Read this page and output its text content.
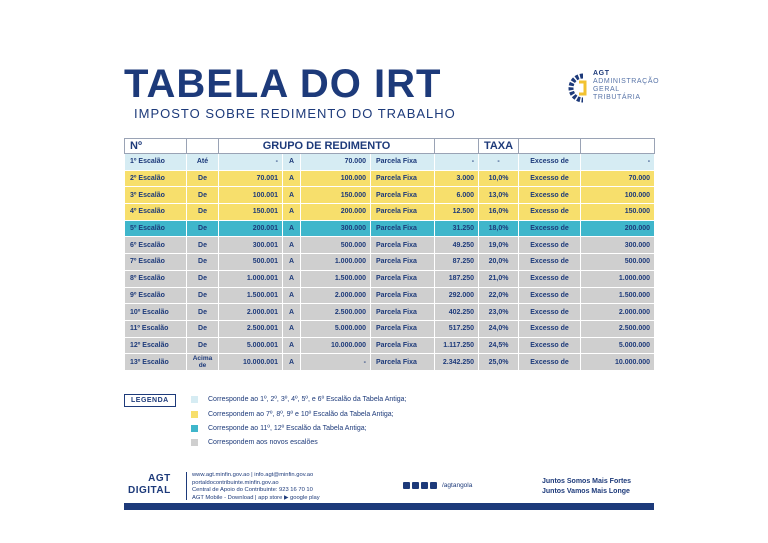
TABELA DO IRT
IMPOSTO SOBRE REDIMENTO DO TRABALHO
AGT
ADMINISTRAÇÃO
GERAL
TRIBUTÁRIA
Nº		GRUPO DE REDIMENTO					TAXA		
1º Escalão	Até	-	A	70.000	Parcela Fixa	-	-	Excesso de	-
2º Escalão	De	70.001	A	100.000	Parcela Fixa	3.000	10,0%	Excesso de	70.000
3º Escalão	De	100.001	A	150.000	Parcela Fixa	6.000	13,0%	Excesso de	100.000
4º Escalão	De	150.001	A	200.000	Parcela Fixa	12.500	16,0%	Excesso de	150.000
5º Escalão	De	200.001	A	300.000	Parcela Fixa	31.250	18,0%	Excesso de	200.000
6º Escalão	De	300.001	A	500.000	Parcela Fixa	49.250	19,0%	Excesso de	300.000
7º Escalão	De	500.001	A	1.000.000	Parcela Fixa	87.250	20,0%	Excesso de	500.000
8º Escalão	De	1.000.001	A	1.500.000	Parcela Fixa	187.250	21,0%	Excesso de	1.000.000
9º Escalão	De	1.500.001	A	2.000.000	Parcela Fixa	292.000	22,0%	Excesso de	1.500.000
10º Escalão	De	2.000.001	A	2.500.000	Parcela Fixa	402.250	23,0%	Excesso de	2.000.000
11º Escalão	De	2.500.001	A	5.000.000	Parcela Fixa	517.250	24,0%	Excesso de	2.500.000
12º Escalão	De	5.000.001	A	10.000.000	Parcela Fixa	1.117.250	24,5%	Excesso de	5.000.000
13º Escalão	Acima de	10.000.001	A	-	Parcela Fixa	2.342.250	25,0%	Excesso de	10.000.000
LEGENDA	Corresponde ao 1º, 2º, 3º, 4º, 5º, e 6º Escalão da Tabela Antiga;
Correspondem ao 7º, 8º, 9º e 10º Escalão da Tabela Antiga;
Corresponde ao 11º, 12º Escalão da Tabela Antiga;
Correspondem aos novos escalões
AGT
DIGITAL
www.agt.minfin.gov.ao | info.agt@minfin.gov.ao
portaldocontribuinte.minfin.gov.ao
Central de Apoio do Contribuinte: 923 16 70 10
AGT Mobile - Download | app store ▶ google play
/agtangola
Juntos Somos Mais Fortes
Juntos Vamos Mais Longe
